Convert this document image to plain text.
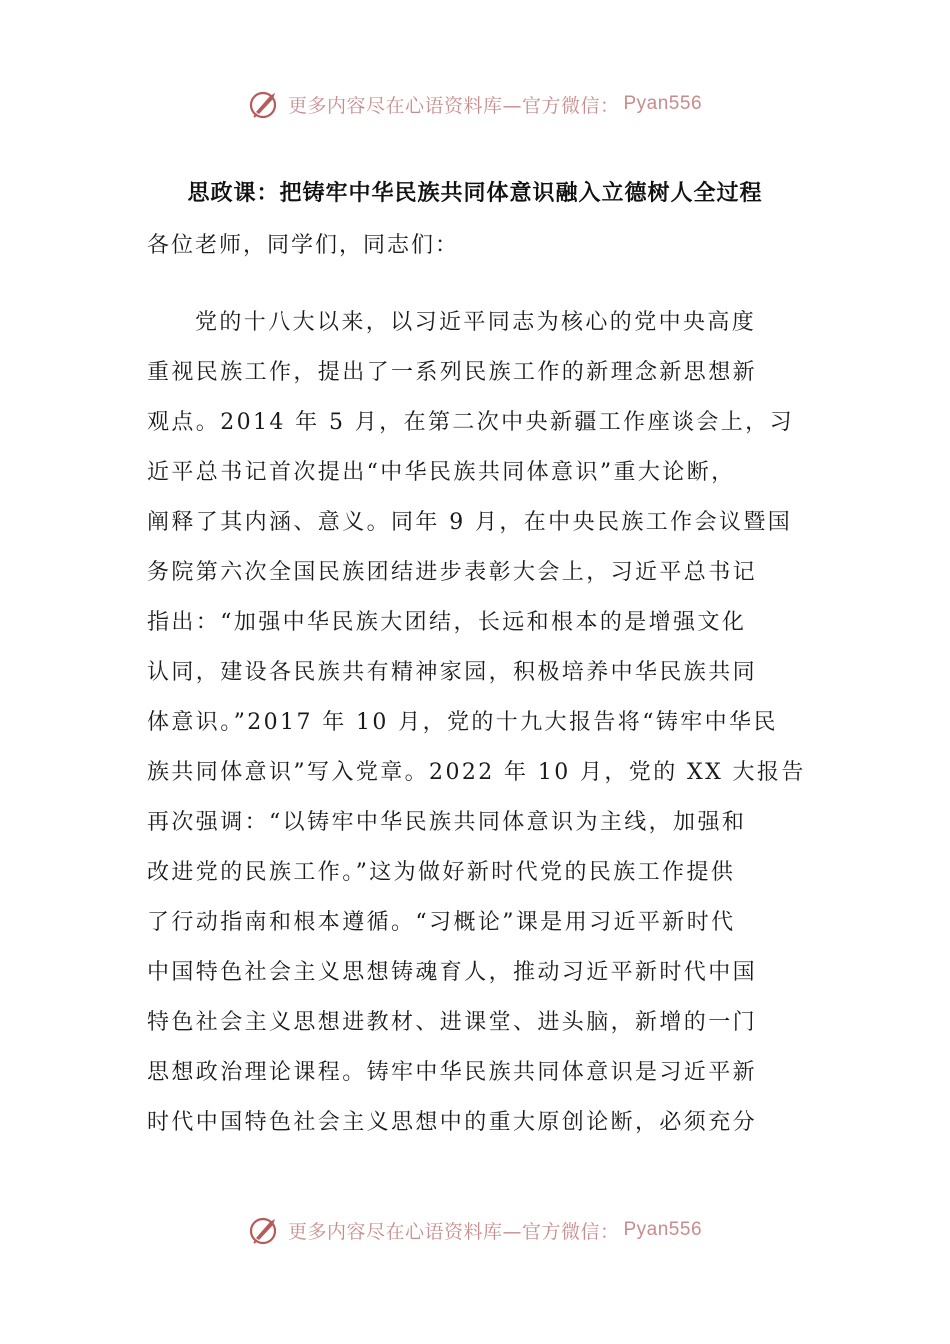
更多内容尽在心语资料库—官方微信： Pyan556
思政课：把铸牢中华民族共同体意识融入立德树人全过程

各位老师，同学们，同志们：

党的十八大以来，以习近平同志为核心的党中央高度
重视民族工作，提出了一系列民族工作的新理念新思想新
观点。2014 年 5 月，在第二次中央新疆工作座谈会上，习
近平总书记首次提出“中华民族共同体意识”重大论断，
阐释了其内涵、意义。同年 9 月，在中央民族工作会议暨国
务院第六次全国民族团结进步表彰大会上，习近平总书记
指出：“加强中华民族大团结，长远和根本的是增强文化
认同，建设各民族共有精神家园，积极培养中华民族共同
体意识。”2017 年 10 月，党的十九大报告将“铸牢中华民
族共同体意识”写入党章。2022 年 10 月，党的 XX 大报告
再次强调：“以铸牢中华民族共同体意识为主线，加强和
改进党的民族工作。”这为做好新时代党的民族工作提供
了行动指南和根本遵循。“习概论”课是用习近平新时代
中国特色社会主义思想铸魂育人，推动习近平新时代中国
特色社会主义思想进教材、进课堂、进头脑，新增的一门
思想政治理论课程。铸牢中华民族共同体意识是习近平新
时代中国特色社会主义思想中的重大原创论断，必须充分
更多内容尽在心语资料库—官方微信： Pyan556
